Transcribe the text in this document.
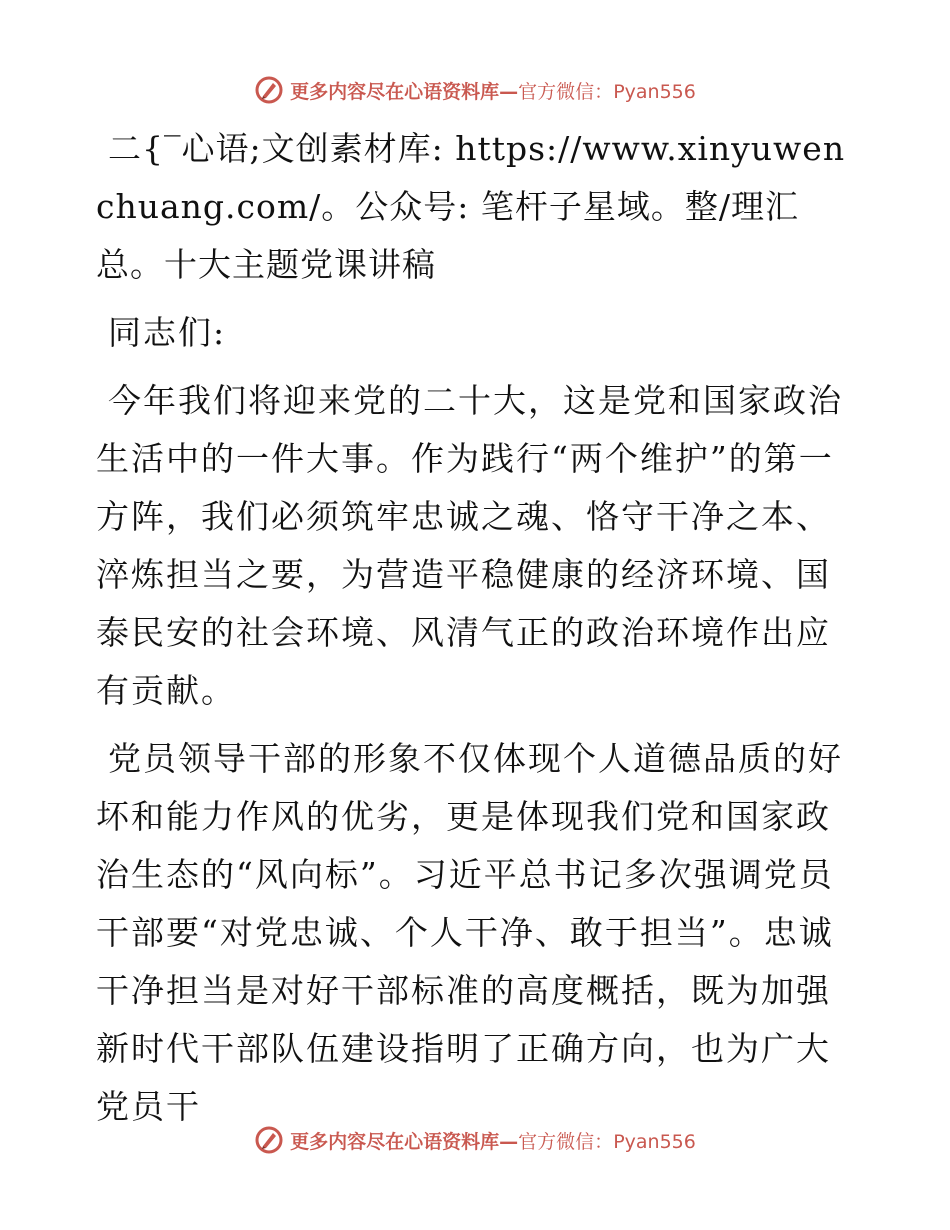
更多内容尽在心语资料库—官方微信：Pyan556

二{‾心语;文创素材库: https://www.xinyuwenchuang.com/。公众号: 笔杆子星域。整/理汇总。十大主题党课讲稿

同志们:

今年我们将迎来党的二十大，这是党和国家政治生活中的一件大事。作为践行“两个维护”的第一方阵，我们必须筑牢忠诚之魂、恪守干净之本、淬炼担当之要，为营造平稳健康的经济环境、国泰民安的社会环境、风清气正的政治环境作出应有贡献。

党员领导干部的形象不仅体现个人道德品质的好坏和能力作风的优劣，更是体现我们党和国家政治生态的“风向标”。习近平总书记多次强调党员干部要“对党忠诚、个人干净、敢于担当”。忠诚干净担当是对好干部标准的高度概括，既为加强新时代干部队伍建设指明了正确方向，也为广大党员干

更多内容尽在心语资料库—官方微信：Pyan556
